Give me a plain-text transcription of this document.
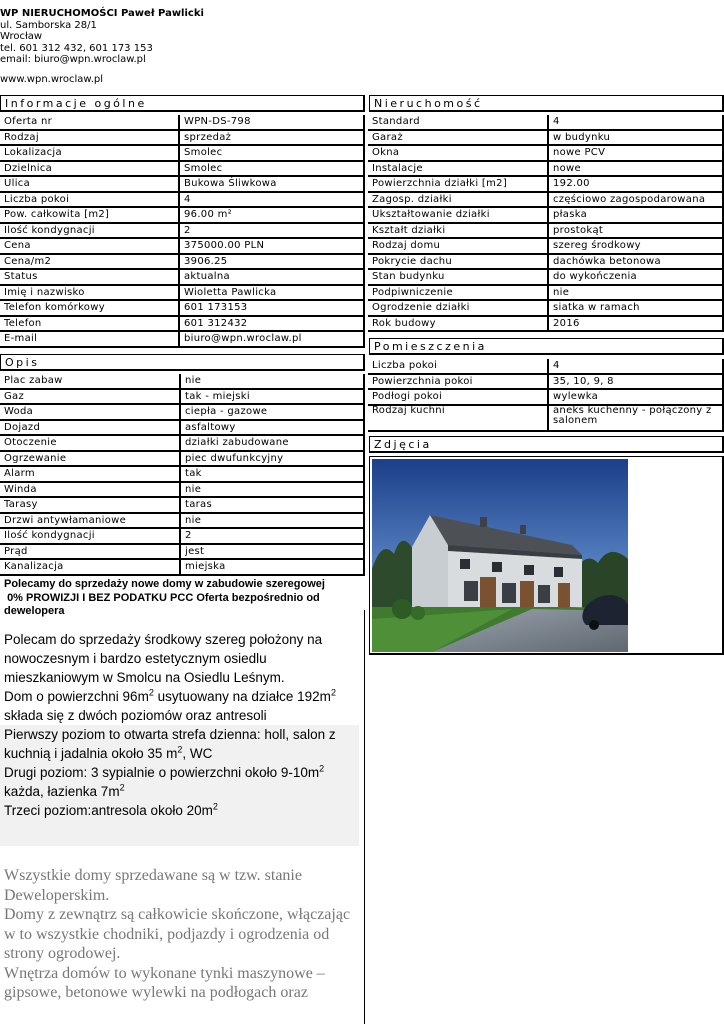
WP NIERUCHOMOŚCI Paweł Pawlicki
ul. Samborska 28/1
Wrocław
tel. 601 312 432, 601 173 153
email: biuro@wpn.wroclaw.pl
www.wpn.wroclaw.pl
Informacje ogólne	Nieruchomość
Opis
Pomieszczenia
Zdjęcia
Oferta nr	WPN-DS-798
Rodzaj	sprzedaż
Lokalizacja	Smolec
Dzielnica	Smolec
Ulica	Bukowa Śliwkowa
Liczba pokoi	4
Pow. całkowita [m2]	96.00 m²
Ilość kondygnacji	2
Cena	375000.00 PLN
Cena/m2	3906.25
Status	aktualna
Imię i nazwisko	Wioletta Pawlicka
Telefon komórkowy	601 173153
Telefon	601 312432
E-mail	biuro@wpn.wroclaw.pl
Standard	4
Garaż	w budynku
Okna	nowe PCV
Instalacje	nowe
Powierzchnia działki [m2]	192.00
Zagosp. działki	częściowo zagospodarowana
Ukształtowanie działki	płaska
Kształt działki	prostokąt
Rodzaj domu	szereg środkowy
Pokrycie dachu	dachówka betonowa
Stan budynku	do wykończenia
Podpiwniczenie	nie
Ogrodzenie działki	siatka w ramach
Rok budowy	2016
Liczba pokoi	4
Powierzchnia pokoi	35, 10, 9, 8
Podłogi pokoi	wylewka
Rodzaj kuchni	aneks kuchenny - połączony z salonem
Plac zabaw	nie
Gaz	tak - miejski
Woda	ciepła - gazowe
Dojazd	asfaltowy
Otoczenie	działki zabudowane
Ogrzewanie	piec dwufunkcyjny
Alarm	tak
Winda	nie
Tarasy	taras
Drzwi antywłamaniowe	nie
Ilość kondygnacji	2
Prąd	jest
Kanalizacja	miejska
Polecamy do sprzedaży nowe domy w zabudowie szeregowej
0% PROWIZJI I BEZ PODATKU PCC Oferta bezpośrednio od dewelopera

Polecam do sprzedaży środkowy szereg położony na nowoczesnym i bardzo estetycznym osiedlu mieszkaniowym w Smolcu na Osiedlu Leśnym.

Dom o powierzchni $96m^2$ usytuowany na działce $192m^2$ składa się z dwóch poziomów oraz antresoli

Pierwszy poziom to otwarta strefa dzienna: holl, salon z kuchnią i jadalnia około 35 $m^2$, WC

Drugi poziom: 3 sypialnie o powierzchni około $9-10m^2$ każda, łazienka $7m^2$

Trzeci poziom:antresola około $20m^2$

Wszystkie domy sprzedawane są w tzw. stanie Deweloperskim.

Domy z zewnątrz są całkowicie skończone, włączając w to wszystkie chodniki, podjazdy i ogrodzenia od strony ogrodowej.

Wnętrza domów to wykonane tynki maszynowe – gipsowe, betonowe wylewki na podłogach oraz
